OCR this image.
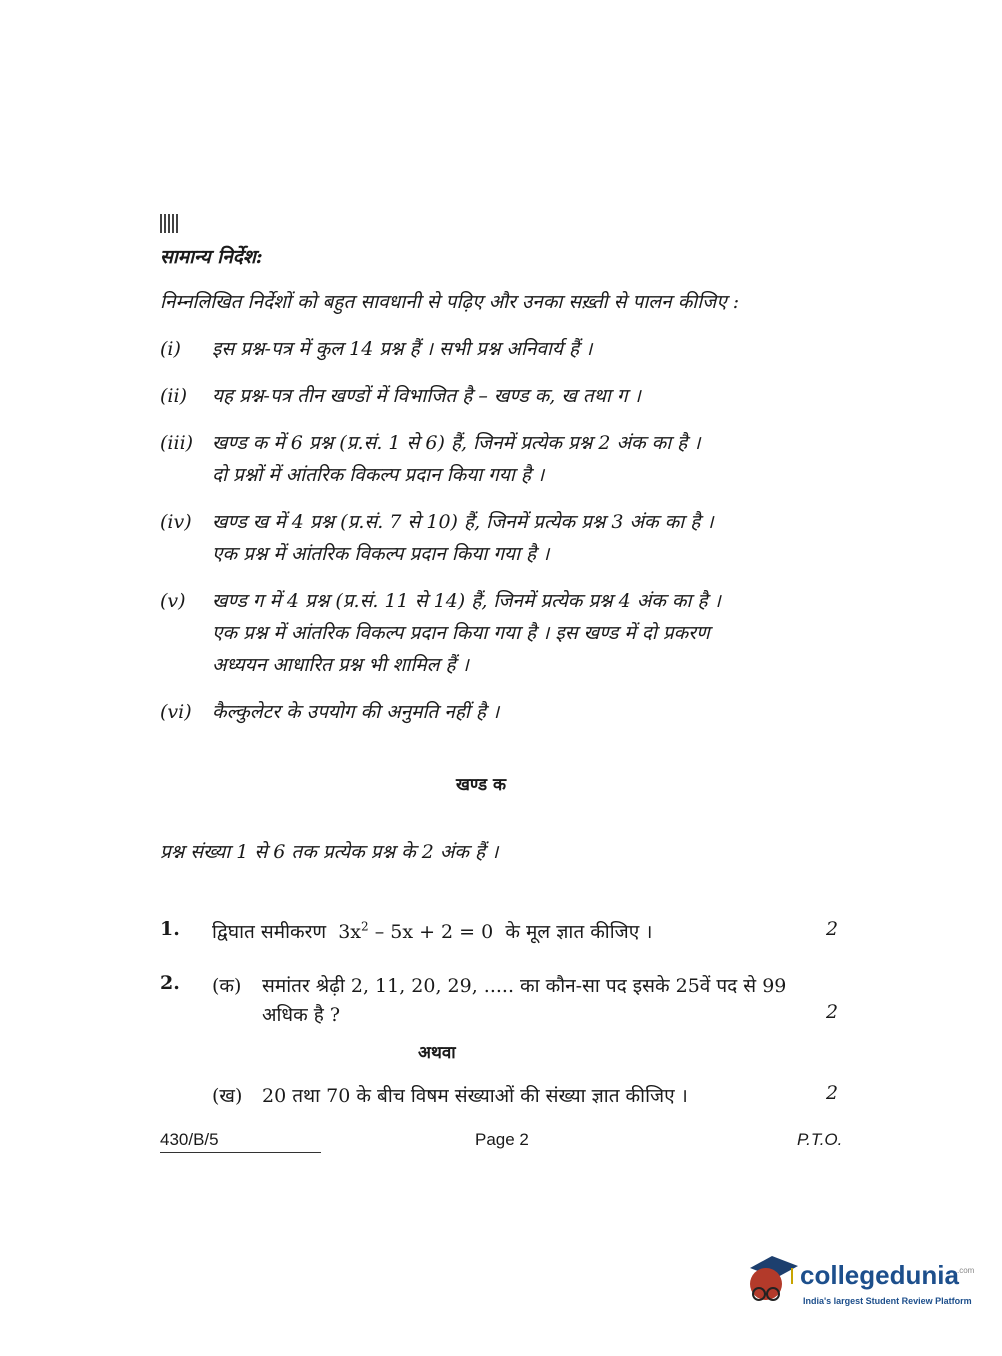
सामान्य निर्देश:
निम्नलिखित निर्देशों को बहुत सावधानी से पढ़िए और उनका सख़्ती से पालन कीजिए :
(i)	इस प्रश्न-पत्र में कुल 14 प्रश्न हैं । सभी प्रश्न अनिवार्य हैं ।
(ii)	यह प्रश्न-पत्र तीन खण्डों में विभाजित है – खण्ड क, ख तथा ग ।
(iii) खण्ड क में 6 प्रश्न (प्र.सं. 1 से 6) हैं, जिनमें प्रत्येक प्रश्न 2 अंक का है ।
दो प्रश्नों में आंतरिक विकल्प प्रदान किया गया है ।
(iv)	खण्ड ख में 4 प्रश्न (प्र.सं. 7 से 10) हैं, जिनमें प्रत्येक प्रश्न 3 अंक का है ।
एक प्रश्न में आंतरिक विकल्प प्रदान किया गया है ।
(v)	खण्ड ग में 4 प्रश्न (प्र.सं. 11 से 14) हैं, जिनमें प्रत्येक प्रश्न 4 अंक का है ।
एक प्रश्न में आंतरिक विकल्प प्रदान किया गया है । इस खण्ड में दो प्रकरण
अध्ययन आधारित प्रश्न भी शामिल हैं ।
(vi)	कैल्कुलेटर के उपयोग की अनुमति नहीं है ।
खण्ड क
प्रश्न संख्या 1 से 6 तक प्रत्येक प्रश्न के 2 अंक हैं ।
1. द्विघात समीकरण $3x^2 - 5x + 2 = 0$ के मूल ज्ञात कीजिए ।	2
2. (क) समांतर श्रेढ़ी 2, 11, 20, 29, ..... का कौन-सा पद इसके 25वें पद से 99
अधिक है ?	2
अथवा
(ख) 20 तथा 70 के बीच विषम संख्याओं की संख्या ज्ञात कीजिए ।	2
430/B/5	Page 2	P.T.O.
collegedunia
.com
India's largest Student Review Platform
